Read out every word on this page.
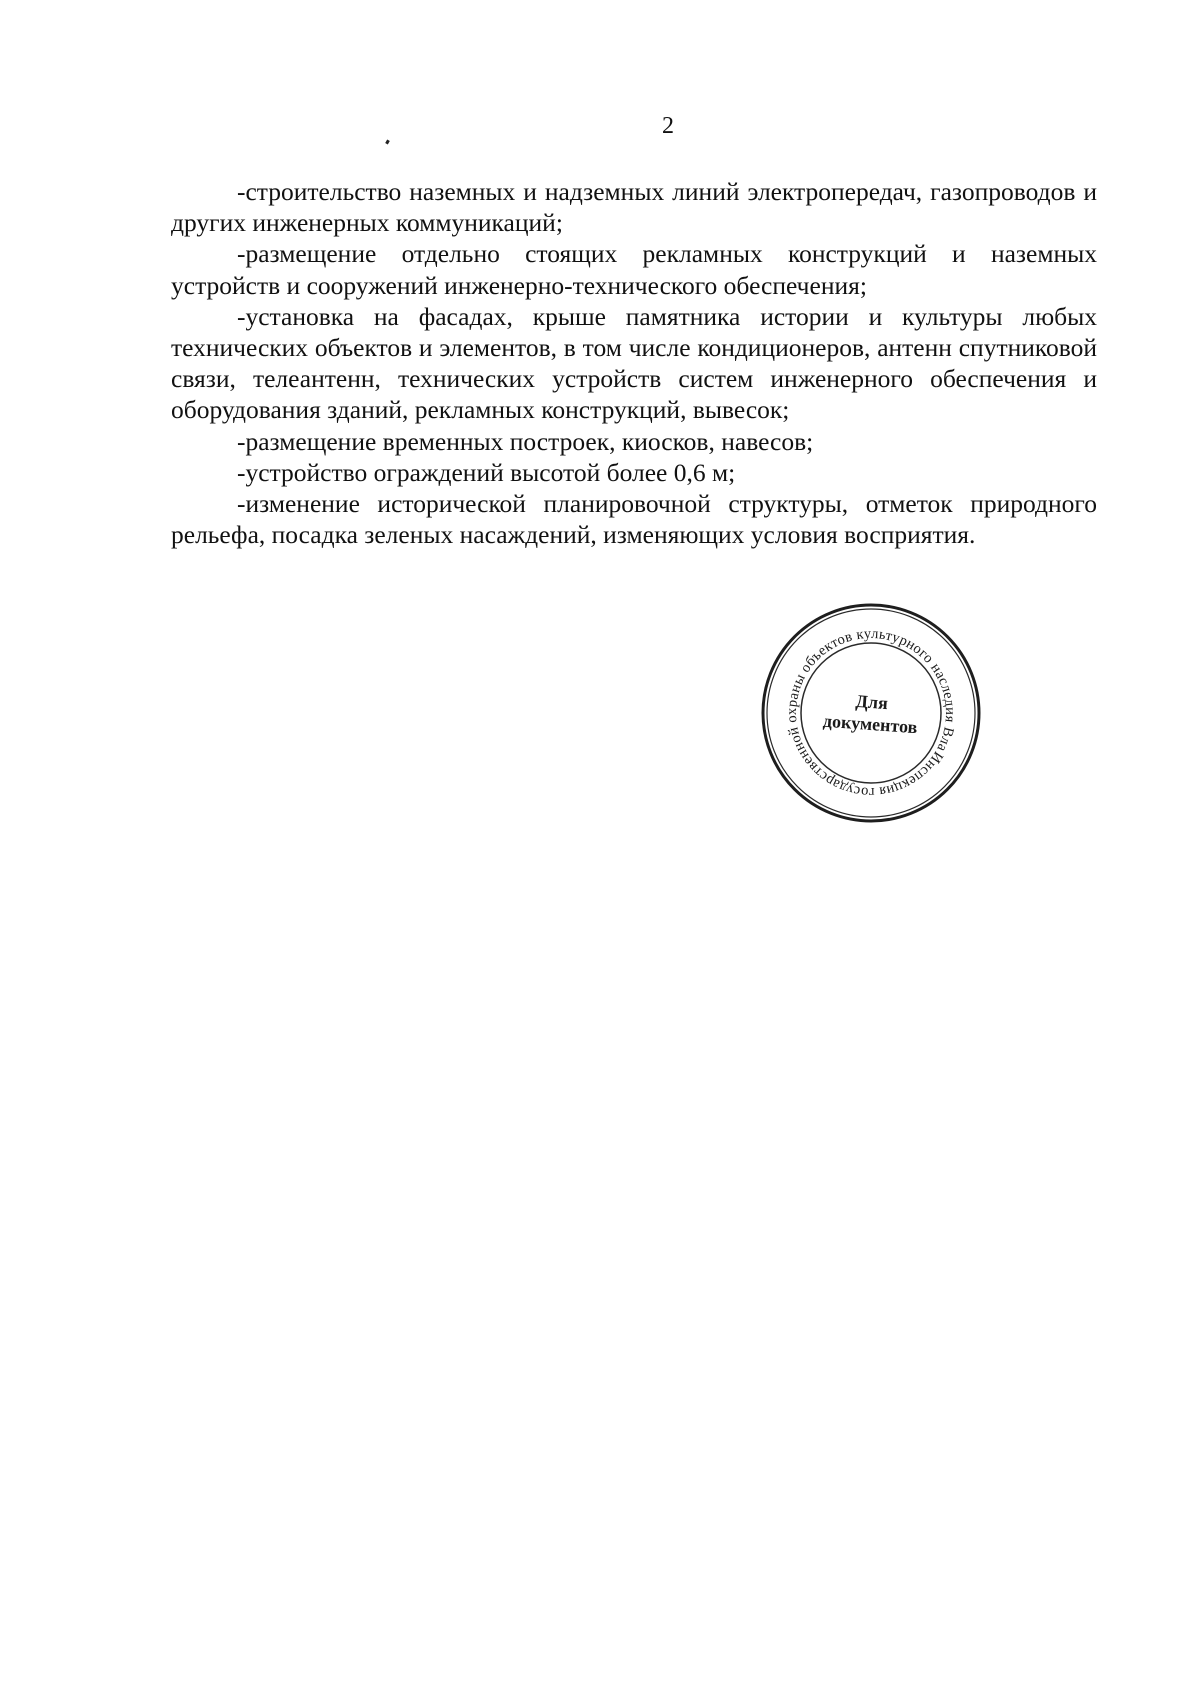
2

-строительство наземных и надземных линий электропередач, газопроводов и других инженерных коммуникаций;

-размещение отдельно стоящих рекламных конструкций и наземных устройств и сооружений инженерно-технического обеспечения;

-установка на фасадах, крыше памятника истории и культуры любых технических объектов и элементов, в том числе кондиционеров, антенн спутниковой связи, телеантенн, технических устройств систем инженерного обеспечения и оборудования зданий, рекламных конструкций, вывесок;

-размещение временных построек, киосков, навесов;

-устройство ограждений высотой более 0,6 м;

-изменение исторической планировочной структуры, отметок природного рельефа, посадка зеленых насаждений, изменяющих условия восприятия.

Инспекция государственной охраны объектов культурного наследия Владимирской
Для
документов
